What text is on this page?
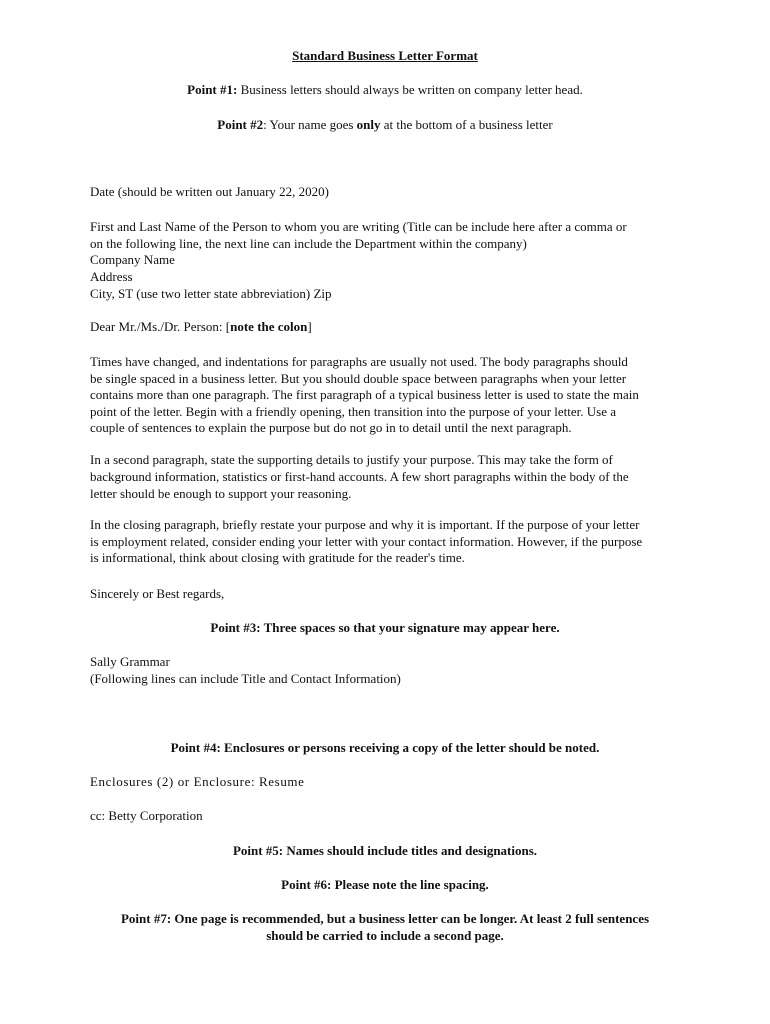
Standard Business Letter Format
Point #1: Business letters should always be written on company letter head.
Point #2: Your name goes only at the bottom of a business letter
Date (should be written out January 22, 2020)
First and Last Name of the Person to whom you are writing (Title can be include here after a comma or
on the following line, the next line can include the Department within the company)
Company Name
Address
City, ST (use two letter state abbreviation) Zip
Dear Mr./Ms./Dr. Person: [note the colon]
Times have changed, and indentations for paragraphs are usually not used. The body paragraphs should
be single spaced in a business letter. But you should double space between paragraphs when your letter
contains more than one paragraph. The first paragraph of a typical business letter is used to state the main
point of the letter. Begin with a friendly opening, then transition into the purpose of your letter. Use a
couple of sentences to explain the purpose but do not go in to detail until the next paragraph.
In a second paragraph, state the supporting details to justify your purpose. This may take the form of
background information, statistics or first-hand accounts. A few short paragraphs within the body of the
letter should be enough to support your reasoning.
In the closing paragraph, briefly restate your purpose and why it is important. If the purpose of your letter
is employment related, consider ending your letter with your contact information. However, if the purpose
is informational, think about closing with gratitude for the reader's time.
Sincerely or Best regards,
Point #3: Three spaces so that your signature may appear here.
Sally Grammar
(Following lines can include Title and Contact Information)
Point #4: Enclosures or persons receiving a copy of the letter should be noted.
Enclosures (2) or Enclosure: Resume
cc: Betty Corporation
Point #5: Names should include titles and designations.
Point #6: Please note the line spacing.
Point #7: One page is recommended, but a business letter can be longer. At least 2 full sentences
should be carried to include a second page.
